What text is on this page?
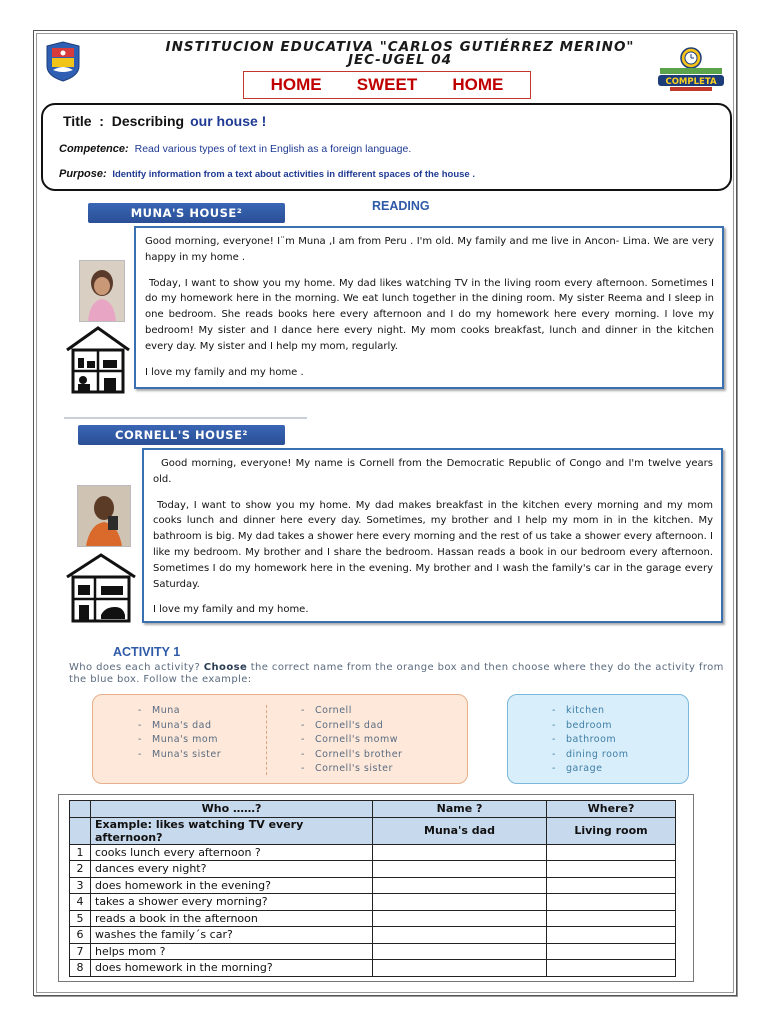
COMPLETA
INSTITUCION EDUCATIVA "CARLOS GUTIÉRREZ MERINO"
JEC-UGEL 04
HOME   SWEET   HOME
Title  :  Describing our house !
Competence: Read various types of text in English as a foreign language.
Purpose: Identify information from a text about activities in different spaces of the house .
READING
MUNA'S HOUSE²

Good morning, everyone! I¨m Muna ,I am from Peru . I'm old. My family and me live in Ancon- Lima. We are very happy in my home .

Today, I want to show you my home. My dad likes watching TV in the living room every afternoon. Sometimes I do my homework here in the morning. We eat lunch together in the dining room. My sister Reema and I sleep in one bedroom. She reads books here every afternoon and I do my homework here every morning. I love my bedroom! My sister and I dance here every night. My mom cooks breakfast, lunch and dinner in the kitchen every day. My sister and I help my mom, regularly.

I love my family and my home .

CORNELL'S HOUSE²

Good morning, everyone! My name is Cornell from the Democratic Republic of Congo and I'm twelve years old.

Today, I want to show you my home. My dad makes breakfast in the kitchen every morning and my mom cooks lunch and dinner here every day. Sometimes, my brother and I help my mom in in the kitchen. My bathroom is big. My dad takes a shower here every morning and the rest of us take a shower every afternoon. I like my bedroom. My brother and I share the bedroom. Hassan reads a book in our bedroom every afternoon. Sometimes I do my homework here in the evening. My brother and I wash the family's car in the garage every Saturday.

I love my family and my home.

ACTIVITY 1
Who does each activity? Choose the correct name from the orange box and then choose where they do the activity from the blue box. Follow the example:
- Muna
- Muna's dad
- Muna's mom
- Muna's sister
- Cornell
- Cornell's dad
- Cornell's momw
- Cornell's brother
- Cornell's sister
- kitchen
- bedroom
- bathroom
- dining room
- garage
	Who ……?	Name ?	Where?
	Example: likes watching TV every afternoon?	Muna's dad	Living room
1	cooks lunch every afternoon ?		
2	dances every night?		
3	does homework in the evening?		
4	takes a shower every morning?		
5	reads a book in the afternoon		
6	washes the family´s car?		
7	helps mom ?		
8	does homework in the morning?		
